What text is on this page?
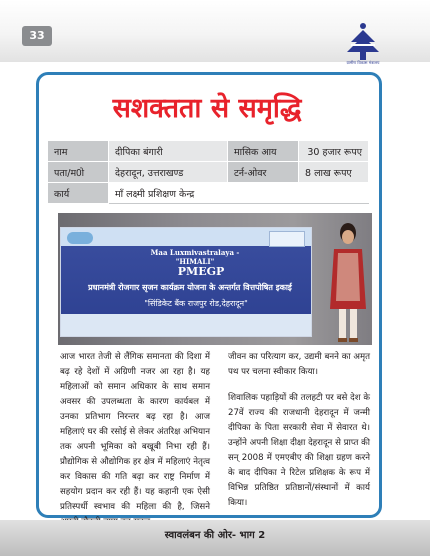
33
ग्रामीण विकास मंत्रालय
सशक्तता से समृद्धि
नाम	दीपिका बंगारी	मासिक आय	30 हजार रूपए
पता/म0ो	देहरादून, उत्तराखण्ड	टर्न-ओवर	8 लाख रूपए
कार्य	माँ लक्ष्मी प्रशिक्षण केन्द्र		
Maa Luxmivastralaya -"HIMALI"
PMEGP
प्रधानमंत्री रोजगार सृजन कार्यक्रम योजना के अन्तर्गत वित्तपोषित इकाई
"सिंडिकेट बैंक राजपुर रोड,देहरादून"

आज भारत तेजी से लैंगिक समानता की दिशा में बढ़ रहे देशों में अग्रिणी नजर आ रहा है। यह महिलाओं को समान अधिकार के साथ समान अवसर की उपलब्धता के कारण कार्यबल में उनका प्रतिभाग निरन्तर बढ़ रहा है। आज महिलाएं घर की रसोई से लेकर अंतरिक्ष अभियान तक अपनी भूमिका को बखूबी निभा रही हैं। प्रौद्योगिक से औद्योगिक हर क्षेत्र में महिलाएं नेतृत्व कर विकास की गति बढ़ा कर राष्ट्र निर्माण में सहयोग प्रदान कर रही हैं। यह कहानी एक ऐसी प्रतिस्पर्धी स्वभाव की महिला की है, जिसने

जीवन का परित्याग कर, उद्यमी बनने का अमृत पथ पर चलना स्वीकार किया।

शिवालिक पहाड़ियों की तलहटी पर बसे देश के 27वें राज्य की राजधानी देहरादून में जन्मी दीपिका के पिता सरकारी सेवा में सेवारत थे। उन्होंने अपनी शिक्षा दीक्षा देहरादून से प्राप्त की सन् 2008 में एमएबीए की शिक्षा ग्रहण करने के बाद दीपिका ने रिटेल प्रशिक्षक के रूप में विभिन्न प्रतिष्ठित प्रतिष्ठानों/संस्थानों में कार्य किया।

स्वावलंबन की ओर- भाग 2
